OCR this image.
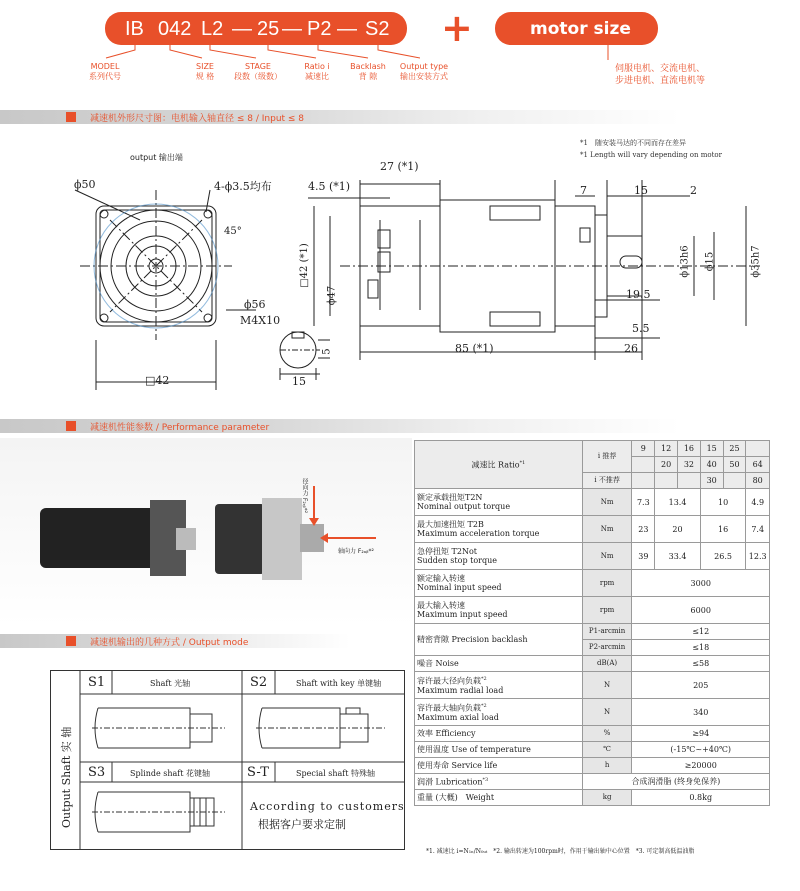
IB 042 L2 — 25 — P2 — S2
MODEL
系列代号
SIZE
规 格
STAGE
段数（级数）
Ratio i
减速比
Backlash
背 隙
Output type
输出安装方式
+	motor size
伺服电机、交流电机、
步进电机、直流电机等
减速机外形尺寸图：电机输入轴直径 ≤ 8 / Input ≤ 8
*1　随安装马达的不同而存在差异
*1 Length will vary depending on motor
output 输出端
ϕ50	4-ϕ3.5均布
45°
ϕ56
M4X10
□42
5
15
27 (*1)
4.5 (*1)	7	15	2
□42 (*1)
ϕ47
ϕ13h6 ϕ15	ϕ35h7
19.5
5.5
85 (*1)	26
减速机性能参数 / Performance parameter
径向力 F₂ᵣᵦ*²
轴向力 F₂ₐᵦ*²
减速比 Ratio$^{*1}$	i 推荐	9	12	16	15	25	
			20	32	40	50	64
	i 不推荐				30		80
额定承载扭矩T2N
Nominal output torque	Nm	7.3	13.4		10		4.9
最大加速扭矩 T2B
Maximum acceleration torque	Nm	23	20		16		7.4
急停扭矩 T2Not
Sudden stop torque	Nm	39	33.4		26.5		12.3
额定输入转速
Nominal input speed	rpm	3000					
最大输入转速
Maximum input speed	rpm	6000					
精密背隙 Precision backlash	P1-arcmin	≤12					
	P2-arcmin	≤18					
噪音 Noise	dB(A)	≤58					
容许最大径向负载$^{*2}$
Maximum radial load	N	205					
容许最大轴向负载$^{*2}$
Maximum axial load	N	340					
效率 Efficiency	%	≥94					
使用温度 Use of temperature	℃	(-15℃~+40℃)					
使用寿命 Service life	h	≥20000					
润滑 Lubrication$^{*3}$	合成润滑脂 (终身免保养)						
重量 (大概)　Weight	kg	0.8kg					
*1. 减速比 i=N₁ₙ/N₀ᵤₜ　*2. 输出转速为100rpm时，作用于输出轴中心位置　*3. 可定制高低温油脂
减速机输出的几种方式 / Output mode
Output Shaft 实 轴
S1	Shaft 光轴	S2	Shaft with key 单键轴
S3	Splinde shaft 花键轴	S-T	Special shaft 特殊轴
According to customers
根据客户要求定制
